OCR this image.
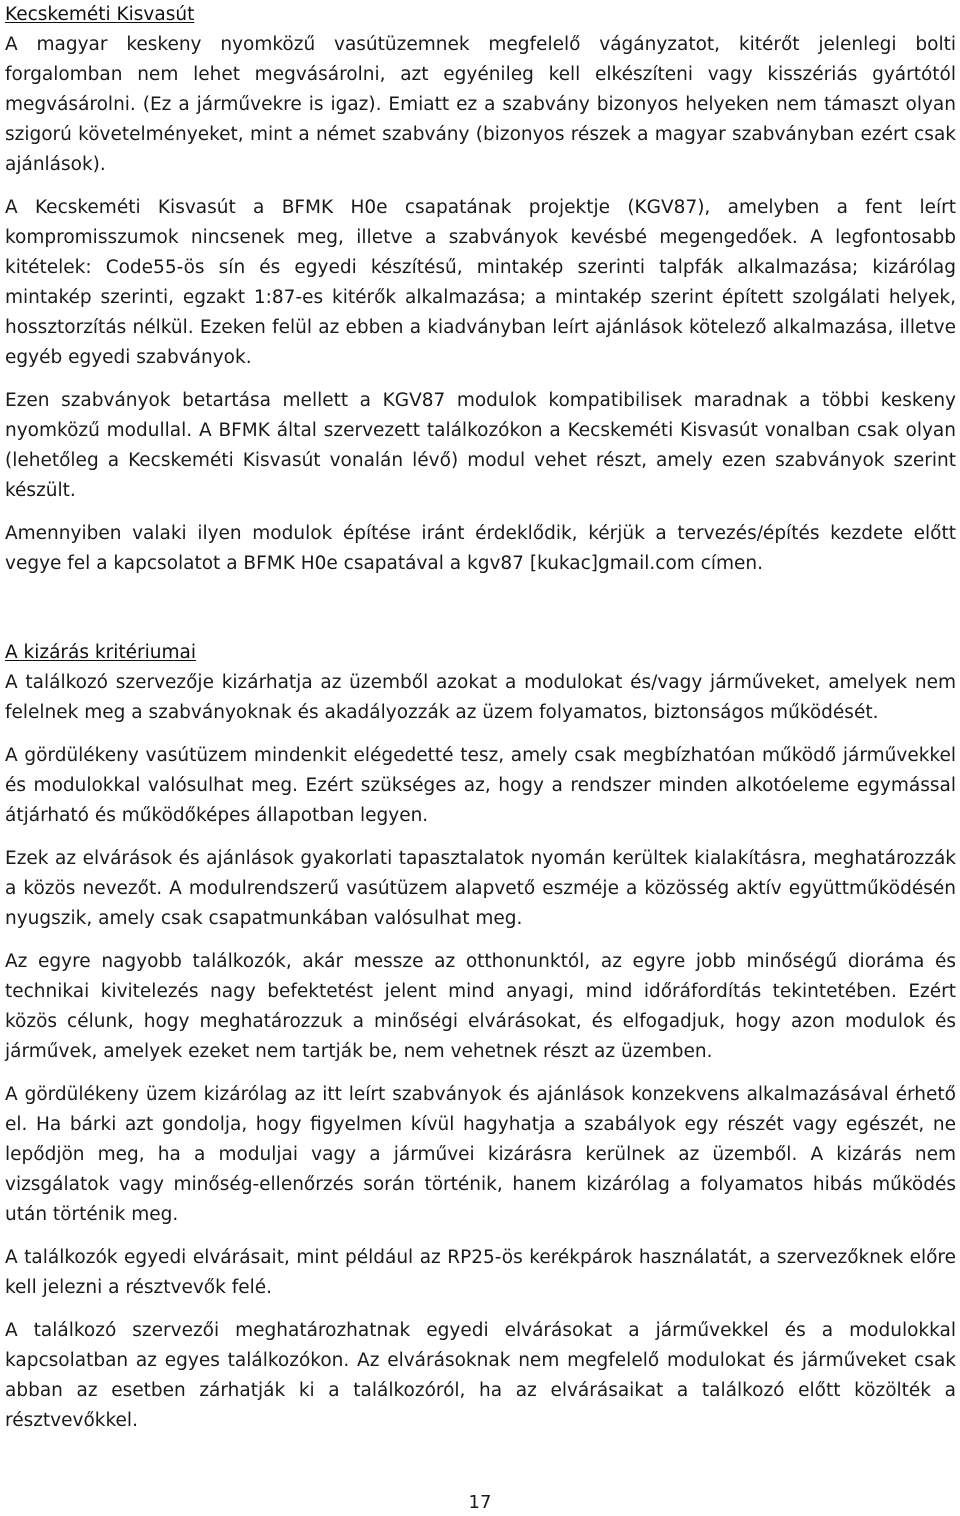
Kecskeméti Kisvasút

A magyar keskeny nyomközű vasútüzemnek megfelelő vágányzatot, kitérőt jelenlegi bolti forgalomban nem lehet megvásárolni, azt egyénileg kell elkészíteni vagy kisszériás gyártótól megvásárolni. (Ez a járművekre is igaz). Emiatt ez a szabvány bizonyos helyeken nem támaszt olyan szigorú követelményeket, mint a német szabvány (bizonyos részek a magyar szabványban ezért csak ajánlások).

A Kecskeméti Kisvasút a BFMK H0e csapatának projektje (KGV87), amelyben a fent leírt kompromisszumok nincsenek meg, illetve a szabványok kevésbé megengedőek. A legfontosabb kitételek: Code55-ös sín és egyedi készítésű, mintakép szerinti talpfák alkalmazása; kizárólag mintakép szerinti, egzakt 1:87-es kitérők alkalmazása; a mintakép szerint épített szolgálati helyek, hossztorzítás nélkül. Ezeken felül az ebben a kiadványban leírt ajánlások kötelező alkalmazása, illetve egyéb egyedi szabványok.

Ezen szabványok betartása mellett a KGV87 modulok kompatibilisek maradnak a többi keskeny nyomközű modullal. A BFMK által szervezett találkozókon a Kecskeméti Kisvasút vonalban csak olyan (lehetőleg a Kecskeméti Kisvasút vonalán lévő) modul vehet részt, amely ezen szabványok szerint készült.

Amennyiben valaki ilyen modulok építése iránt érdeklődik, kérjük a tervezés/építés kezdete előtt vegye fel a kapcsolatot a BFMK H0e csapatával a kgv87 [kukac]gmail.com címen.

A kizárás kritériumai

A találkozó szervezője kizárhatja az üzemből azokat a modulokat és/vagy járműveket, amelyek nem felelnek meg a szabványoknak és akadályozzák az üzem folyamatos, biztonságos működését.

A gördülékeny vasútüzem mindenkit elégedetté tesz, amely csak megbízhatóan működő járművekkel és modulokkal valósulhat meg. Ezért szükséges az, hogy a rendszer minden alkotóeleme egymással átjárható és működőképes állapotban legyen.

Ezek az elvárások és ajánlások gyakorlati tapasztalatok nyomán kerültek kialakításra, meghatározzák a közös nevezőt. A modulrendszerű vasútüzem alapvető eszméje a közösség aktív együttműködésén nyugszik, amely csak csapatmunkában valósulhat meg.

Az egyre nagyobb találkozók, akár messze az otthonunktól, az egyre jobb minőségű dioráma és technikai kivitelezés nagy befektetést jelent mind anyagi, mind időráfordítás tekintetében. Ezért közös célunk, hogy meghatározzuk a minőségi elvárásokat, és elfogadjuk, hogy azon modulok és járművek, amelyek ezeket nem tartják be, nem vehetnek részt az üzemben.

A gördülékeny üzem kizárólag az itt leírt szabványok és ajánlások konzekvens alkalmazásával érhető el. Ha bárki azt gondolja, hogy figyelmen kívül hagyhatja a szabályok egy részét vagy egészét, ne lepődjön meg, ha a moduljai vagy a járművei kizárásra kerülnek az üzemből. A kizárás nem vizsgálatok vagy minőség-ellenőrzés során történik, hanem kizárólag a folyamatos hibás működés után történik meg.

A találkozók egyedi elvárásait, mint például az RP25-ös kerékpárok használatát, a szervezőknek előre kell jelezni a résztvevők felé.

A találkozó szervezői meghatározhatnak egyedi elvárásokat a járművekkel és a modulokkal kapcsolatban az egyes találkozókon. Az elvárásoknak nem megfelelő modulokat és járműveket csak abban az esetben zárhatják ki a találkozóról, ha az elvárásaikat a találkozó előtt közölték a résztvevőkkel.

17
